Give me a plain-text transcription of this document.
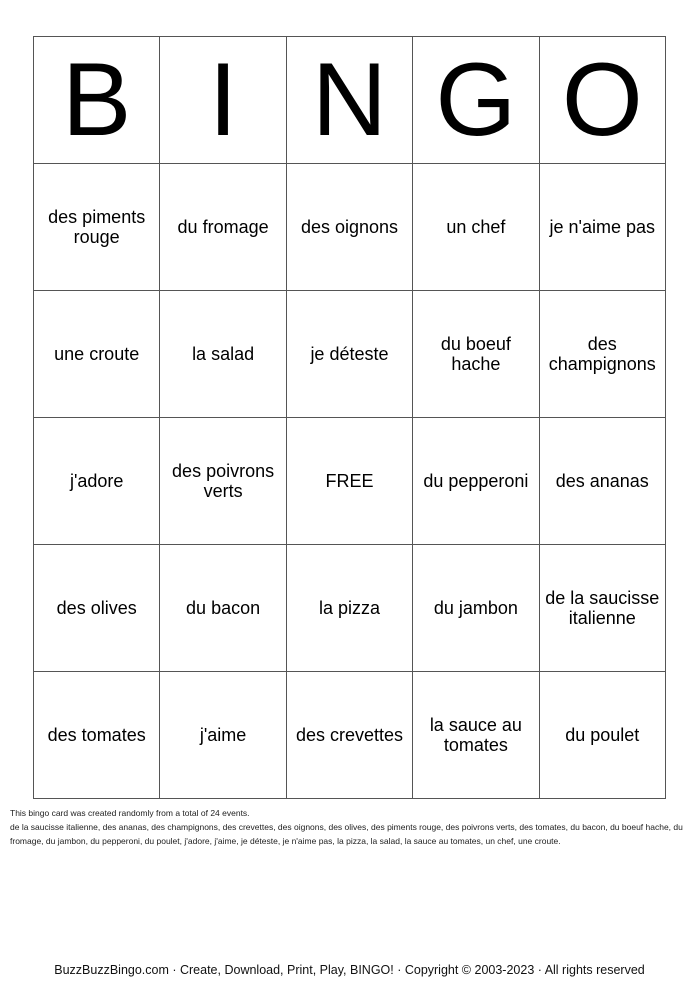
B	I	N	G	O
des piments rouge	du fromage	des oignons	un chef	je n'aime pas
une croute	la salad	je déteste	du boeuf hache	des champignons
j'adore	des poivrons verts	FREE	du pepperoni	des ananas
des olives	du bacon	la pizza	du jambon	de la saucisse italienne
des tomates	j'aime	des crevettes	la sauce au tomates	du poulet

This bingo card was created randomly from a total of 24 events.

de la saucisse italienne, des ananas, des champignons, des crevettes, des oignons, des olives, des piments rouge, des poivrons verts, des tomates, du bacon, du boeuf hache, du fromage, du jambon, du pepperoni, du poulet, j'adore, j'aime, je déteste, je n'aime pas, la pizza, la salad, la sauce au tomates, un chef, une croute.

BuzzBuzzBingo.com · Create, Download, Print, Play, BINGO! · Copyright © 2003-2023 · All rights reserved
